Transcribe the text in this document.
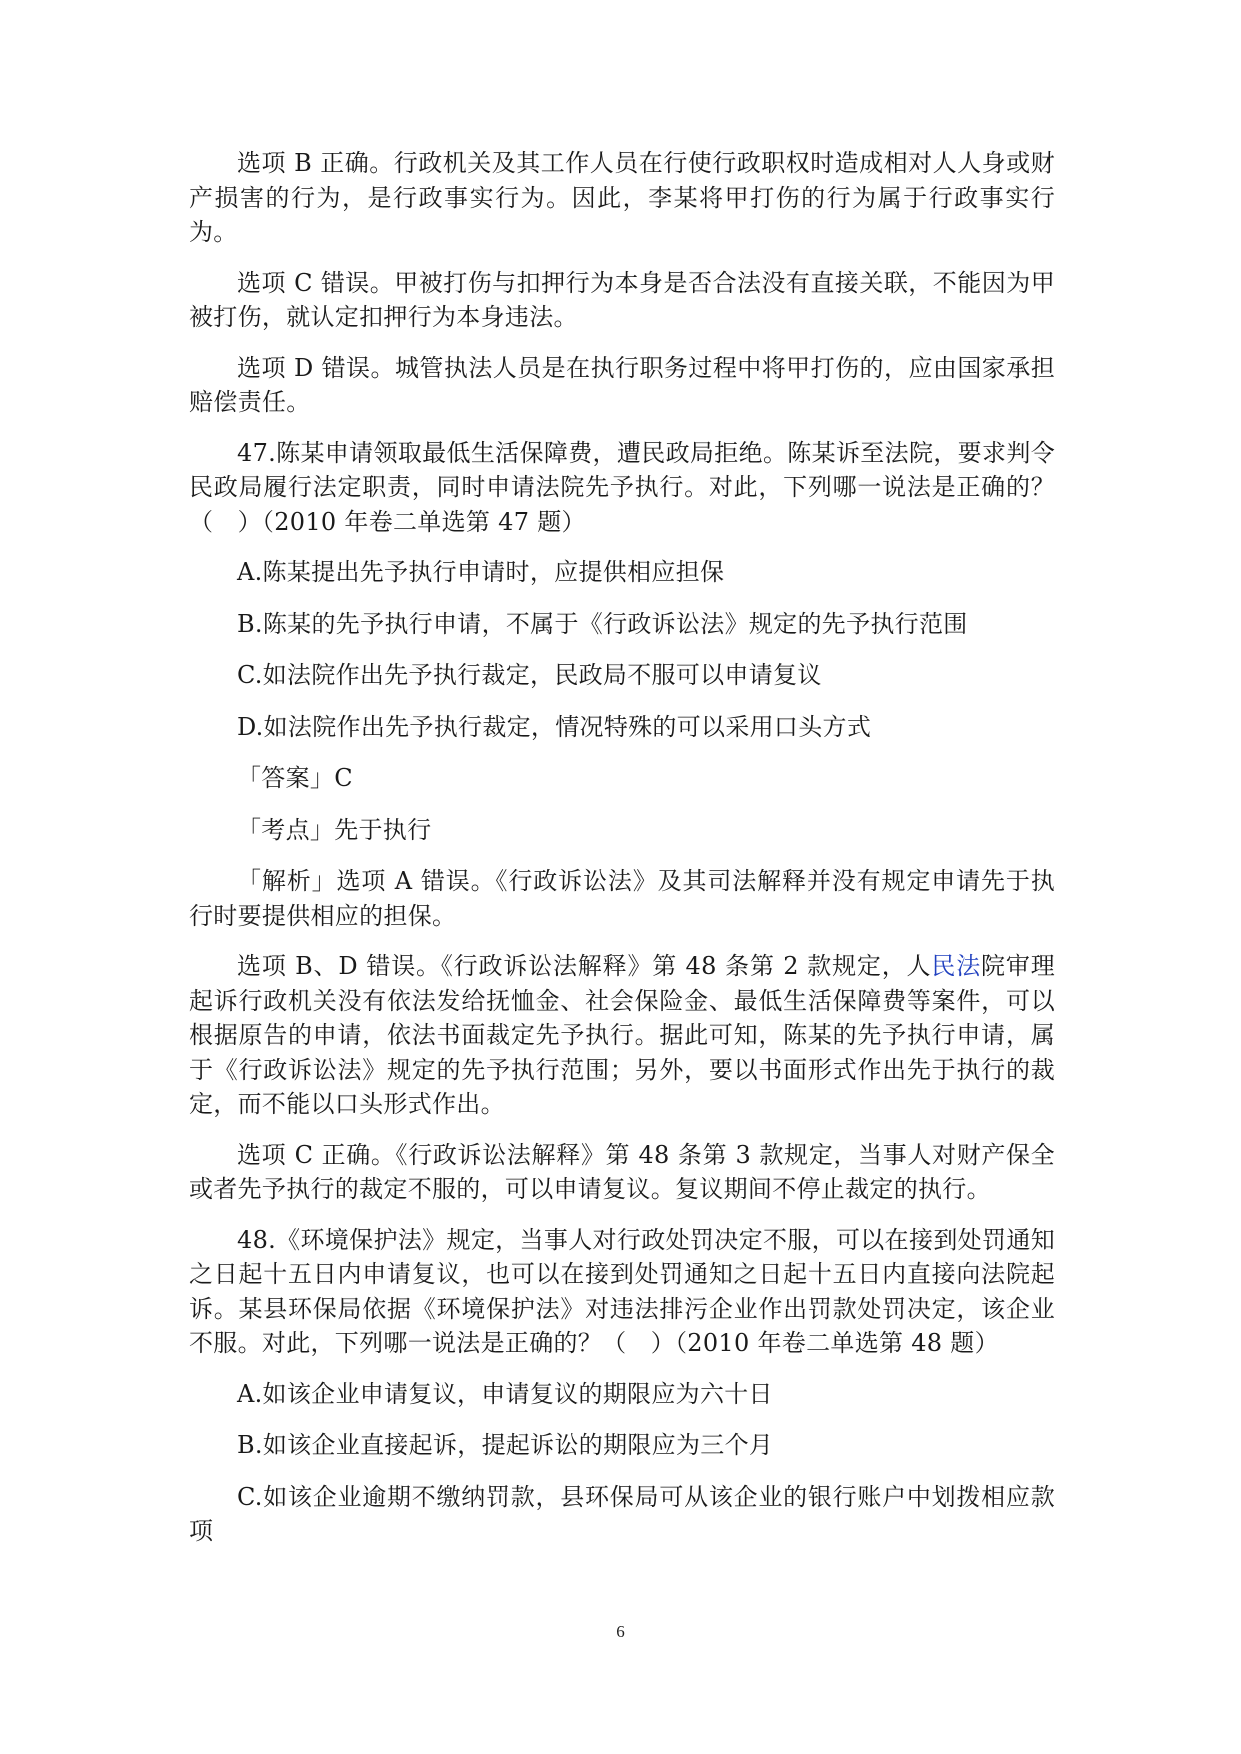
选项 B 正确。行政机关及其工作人员在行使行政职权时造成相对人人身或财产损害的行为，是行政事实行为。因此，李某将甲打伤的行为属于行政事实行为。

选项 C 错误。甲被打伤与扣押行为本身是否合法没有直接关联，不能因为甲被打伤，就认定扣押行为本身违法。

选项 D 错误。城管执法人员是在执行职务过程中将甲打伤的，应由国家承担赔偿责任。

47.陈某申请领取最低生活保障费，遭民政局拒绝。陈某诉至法院，要求判令民政局履行法定职责，同时申请法院先予执行。对此，下列哪一说法是正确的？（　）（2010 年卷二单选第 47 题）

A.陈某提出先予执行申请时，应提供相应担保

B.陈某的先予执行申请，不属于《行政诉讼法》规定的先予执行范围

C.如法院作出先予执行裁定，民政局不服可以申请复议

D.如法院作出先予执行裁定，情况特殊的可以采用口头方式

「答案」C

「考点」先于执行

「解析」选项 A 错误。《行政诉讼法》及其司法解释并没有规定申请先于执行时要提供相应的担保。

选项 B、D 错误。《行政诉讼法解释》第 48 条第 2 款规定，人民法院审理起诉行政机关没有依法发给抚恤金、社会保险金、最低生活保障费等案件，可以根据原告的申请，依法书面裁定先予执行。据此可知，陈某的先予执行申请，属于《行政诉讼法》规定的先予执行范围；另外，要以书面形式作出先于执行的裁定，而不能以口头形式作出。

选项 C 正确。《行政诉讼法解释》第 48 条第 3 款规定，当事人对财产保全或者先予执行的裁定不服的，可以申请复议。复议期间不停止裁定的执行。

48.《环境保护法》规定，当事人对行政处罚决定不服，可以在接到处罚通知之日起十五日内申请复议，也可以在接到处罚通知之日起十五日内直接向法院起诉。某县环保局依据《环境保护法》对违法排污企业作出罚款处罚决定，该企业不服。对此，下列哪一说法是正确的？（　）（2010 年卷二单选第 48 题）

A.如该企业申请复议，申请复议的期限应为六十日

B.如该企业直接起诉，提起诉讼的期限应为三个月

C.如该企业逾期不缴纳罚款，县环保局可从该企业的银行账户中划拨相应款项

6
